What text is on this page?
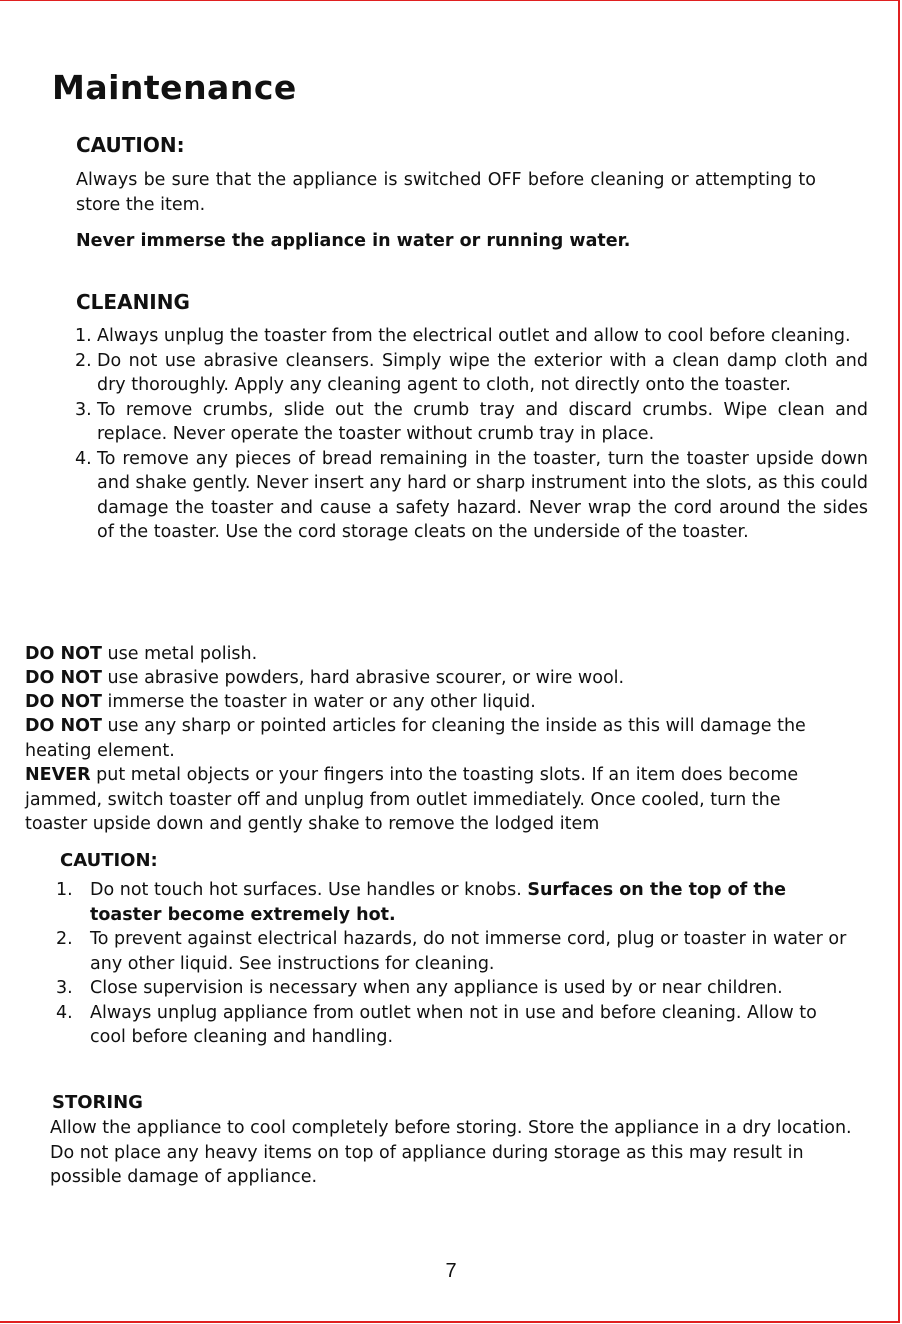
Maintenance
CAUTION:

Always be sure that the appliance is switched OFF before cleaning or attempting to store the item.

Never immerse the appliance in water or running water.

CLEANING
1. Always unplug the toaster from the electrical outlet and allow to cool before cleaning.
2. Do not use abrasive cleansers. Simply wipe the exterior with a clean damp cloth and dry thoroughly. Apply any cleaning agent to cloth, not directly onto the toaster.
3. To remove crumbs, slide out the crumb tray and discard crumbs. Wipe clean and replace. Never operate the toaster without crumb tray in place.
4. To remove any pieces of bread remaining in the toaster, turn the toaster upside down and shake gently. Never insert any hard or sharp instrument into the slots, as this could damage the toaster and cause a safety hazard. Never wrap the cord around the sides of the toaster. Use the cord storage cleats on the underside of the toaster.

DO NOT use metal polish.

DO NOT use abrasive powders, hard abrasive scourer, or wire wool.

DO NOT immerse the toaster in water or any other liquid.

DO NOT use any sharp or pointed articles for cleaning the inside as this will damage the heating element.

NEVER put metal objects or your fingers into the toasting slots. If an item does become jammed, switch toaster off and unplug from outlet immediately. Once cooled, turn the toaster upside down and gently shake to remove the lodged item

CAUTION:
1. Do not touch hot surfaces. Use handles or knobs. Surfaces on the top of the toaster become extremely hot.
2. To prevent against electrical hazards, do not immerse cord, plug or toaster in water or any other liquid. See instructions for cleaning.
3. Close supervision is necessary when any appliance is used by or near children.
4. Always unplug appliance from outlet when not in use and before cleaning. Allow to cool before cleaning and handling.
STORING

Allow the appliance to cool completely before storing. Store the appliance in a dry location. Do not place any heavy items on top of appliance during storage as this may result in possible damage of appliance.

7
